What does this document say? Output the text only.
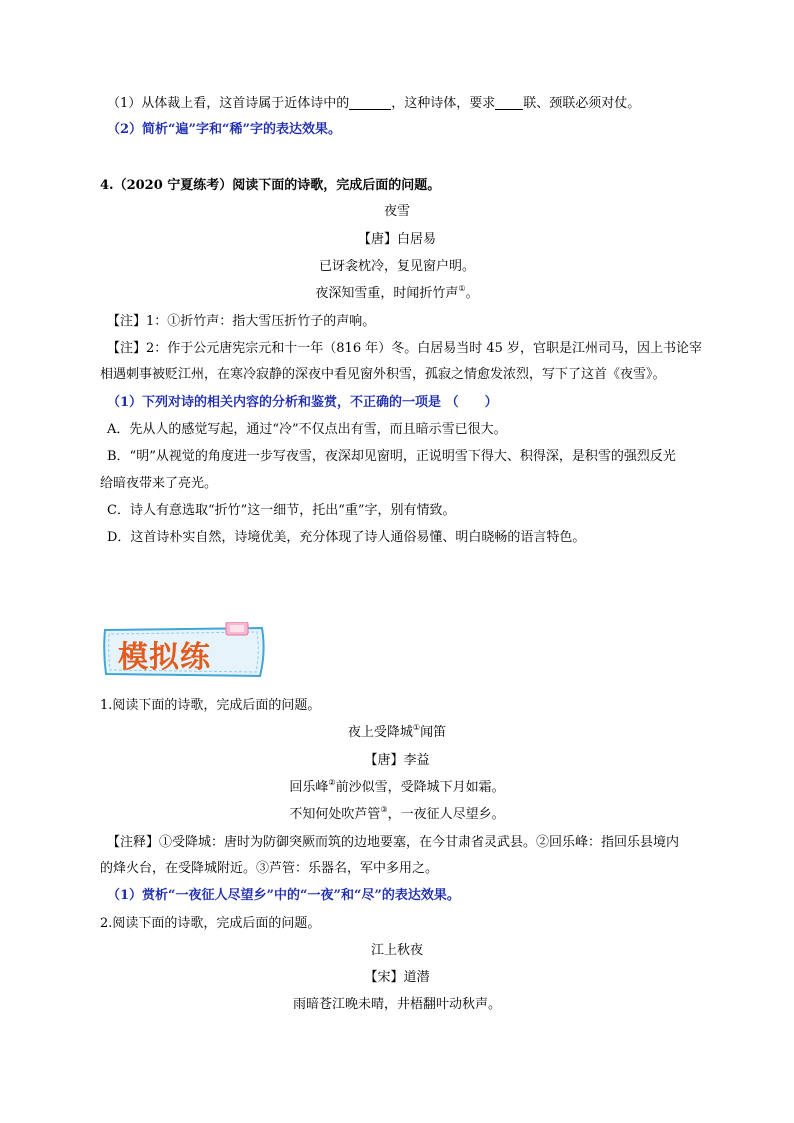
（1）从体裁上看，这首诗属于近体诗中的	，这种诗体，要求 联、颈联必须对仗。
（2）简析“遍”字和“稀”字的表达效果。
4.（2020 宁夏练考）阅读下面的诗歌，完成后面的问题。
夜雪
【唐】白居易
已讶衾枕冷，复见窗户明。
夜深知雪重，时闻折竹声①。
【注】1：①折竹声：指大雪压折竹子的声响。
【注】2：作于公元唐宪宗元和十一年（816 年）冬。白居易当时 45 岁，官职是江州司马，因上书论宰
相遇刺事被贬江州，在寒冷寂静的深夜中看见窗外积雪，孤寂之情愈发浓烈，写下了这首《夜雪》。
（1）下列对诗的相关内容的分析和鉴赏，不正确的一项是 （　　）
A．先从人的感觉写起，通过“冷”不仅点出有雪，而且暗示雪已很大。
B．“明”从视觉的角度进一步写夜雪，夜深却见窗明，正说明雪下得大、积得深，是积雪的强烈反光
给暗夜带来了亮光。
C．诗人有意选取“折竹”这一细节，托出“重”字，别有情致。
D．这首诗朴实自然，诗境优美，充分体现了诗人通俗易懂、明白晓畅的语言特色。
模拟练
1.阅读下面的诗歌，完成后面的问题。
夜上受降城①闻笛
【唐】李益
回乐峰②前沙似雪，受降城下月如霜。
不知何处吹芦管③，一夜征人尽望乡。
【注释】①受降城：唐时为防御突厥而筑的边地要塞，在今甘肃省灵武县。②回乐峰：指回乐县境内
的烽火台，在受降城附近。③芦管：乐器名，军中多用之。
（1）赏析“一夜征人尽望乡”中的“一夜”和“尽”的表达效果。
2.阅读下面的诗歌，完成后面的问题。
江上秋夜
【宋】道潜
雨暗苍江晚未晴，井梧翻叶动秋声。
